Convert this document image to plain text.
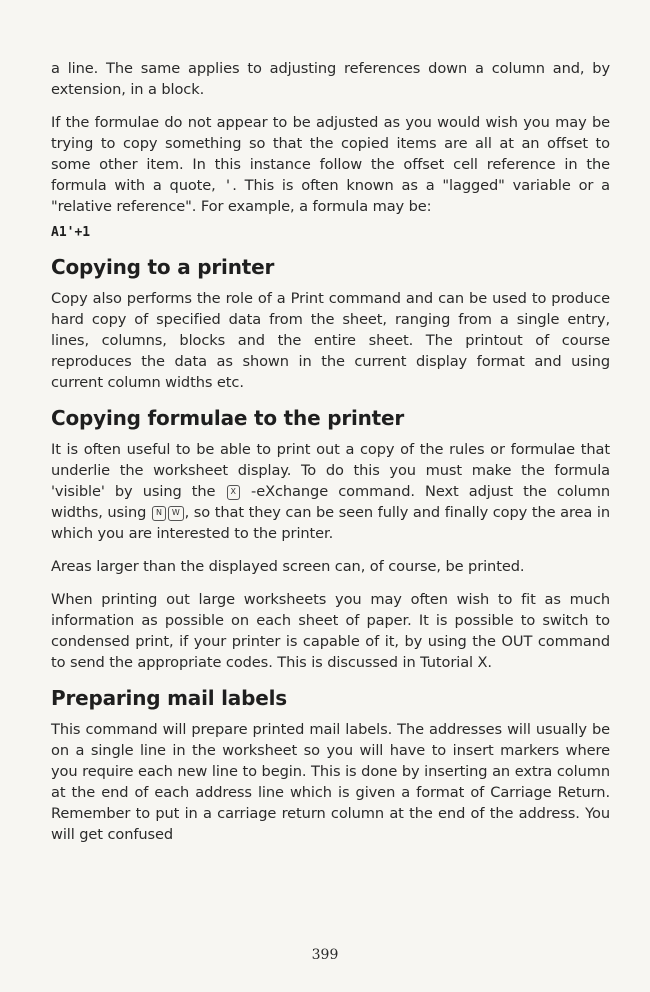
a line. The same applies to adjusting references down a column and, by extension, in a block.

If the formulae do not appear to be adjusted as you would wish you may be trying to copy something so that the copied items are all at an offset to some other item. In this instance follow the offset cell reference in the formula with a quote, '. This is often known as a "lagged" variable or a "relative reference". For example, a formula may be:

A1'+1
Copying to a printer

Copy also performs the role of a Print command and can be used to produce hard copy of specified data from the sheet, ranging from a single entry, lines, columns, blocks and the entire sheet. The printout of course reproduces the data as shown in the current display format and using current column widths etc.

Copying formulae to the printer

It is often useful to be able to print out a copy of the rules or formulae that underlie the worksheet display. To do this you must make the formula 'visible' by using the X -eXchange command. Next adjust the column widths, using N W , so that they can be seen fully and finally copy the area in which you are interested to the printer.

Areas larger than the displayed screen can, of course, be printed.

When printing out large worksheets you may often wish to fit as much information as possible on each sheet of paper. It is possible to switch to condensed print, if your printer is capable of it, by using the OUT command to send the appropriate codes. This is discussed in Tutorial X.

Preparing mail labels

This command will prepare printed mail labels. The addresses will usually be on a single line in the worksheet so you will have to insert markers where you require each new line to begin. This is done by inserting an extra column at the end of each address line which is given a format of Carriage Return. Remember to put in a carriage return column at the end of the address. You will get confused

399
